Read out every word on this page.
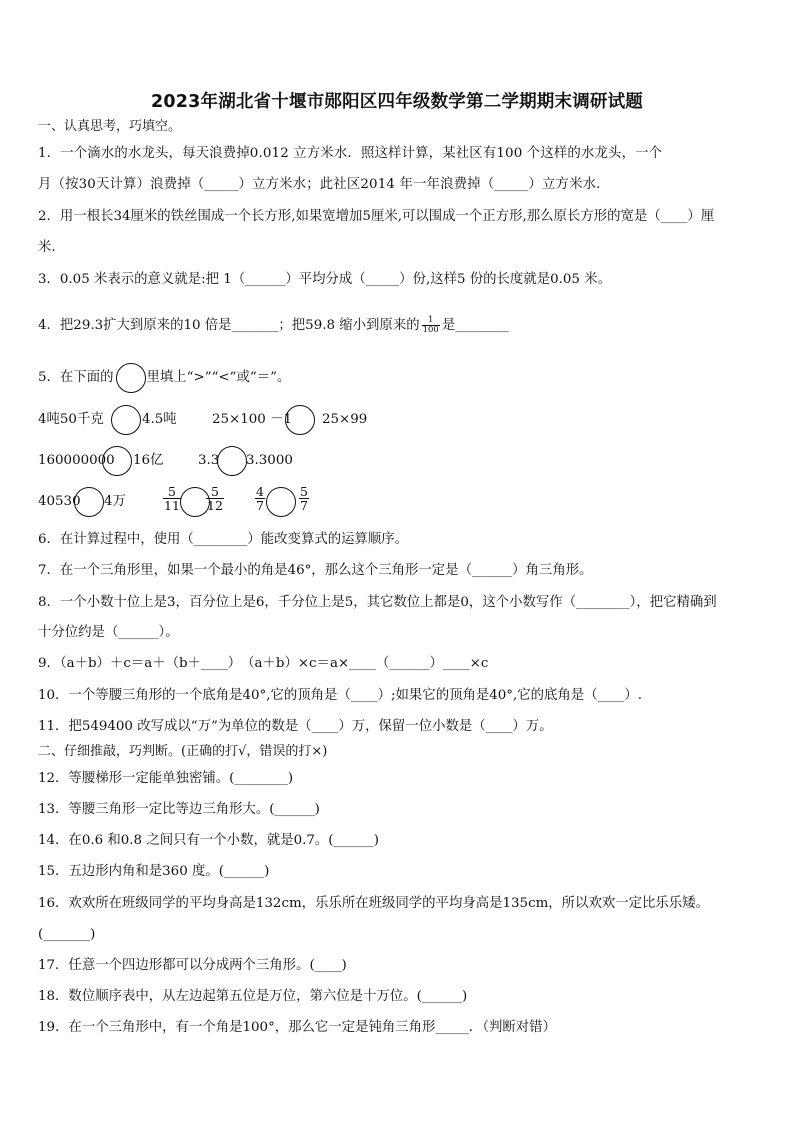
2023年湖北省十堰市郧阳区四年级数学第二学期期末调研试题
一、认真思考，巧填空。
1．一个滴水的水龙头，每天浪费掉0.012 立方米水．照这样计算，某社区有100 个这样的水龙头，一个
月（按30天计算）浪费掉（_____）立方米水；此社区2014 年一年浪费掉（_____）立方米水．
2．用一根长34厘米的铁丝围成一个长方形,如果宽增加5厘米,可以围成一个正方形,那么原长方形的宽是（____）厘
米.
3．0.05 米表示的意义就是:把 1（______）平均分成（_____）份,这样5 份的长度就是0.05 米。
4．把29.3扩大到原来的10 倍是_______；把59.8 缩小到原来的 $\frac{1}{100}$ 是________
5．在下面的 里填上“>”“<”或“＝”。
4吨50千克	4.5吨	25×100 －1 25×99
160000000 16亿	3.3 3.3000
40530 4万	$\frac{5}{11} \frac{5}{12} \frac{4}{7}$	$\frac{5}{7}$
6．在计算过程中，使用（________）能改变算式的运算顺序。
7．在一个三角形里，如果一个最小的角是46°，那么这个三角形一定是（______）角三角形。
8．一个小数十位上是3，百分位上是6，千分位上是5，其它数位上都是0，这个小数写作（________），把它精确到
十分位约是（______）。
9．（a＋b）＋c＝a＋（b＋____）　（a＋b）×c＝a×____（______）____×c
10．一个等腰三角形的一个底角是40°,它的顶角是（____）;如果它的顶角是40°,它的底角是（____）.
11．把549400 改写成以“万”为单位的数是（____）万，保留一位小数是（____）万。
二、仔细推敲，巧判断。(正确的打√，错误的打×)
12．等腰梯形一定能单独密铺。(________)
13．等腰三角形一定比等边三角形大。(______)
14．在0.6 和0.8 之间只有一个小数，就是0.7。(______)
15．五边形内角和是360 度。(______)
16．欢欢所在班级同学的平均身高是132cm，乐乐所在班级同学的平均身高是135cm，所以欢欢一定比乐乐矮。
(_______)
17．任意一个四边形都可以分成两个三角形。(____)
18．数位顺序表中，从左边起第五位是万位，第六位是十万位。(______)
19．在一个三角形中，有一个角是100°，那么它一定是钝角三角形_____．（判断对错）
